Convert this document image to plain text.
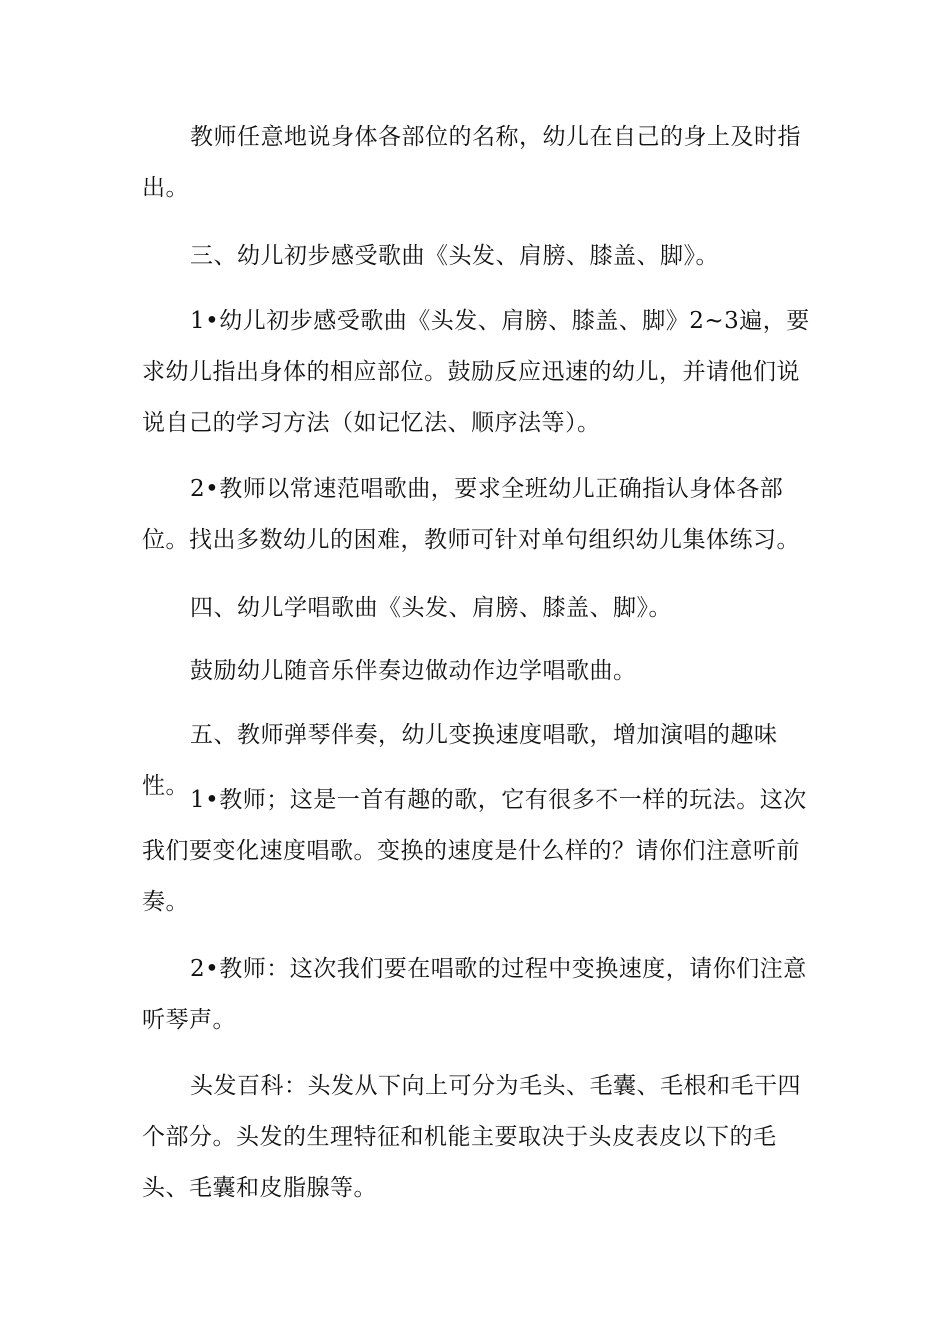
教师任意地说身体各部位的名称，幼儿在自己的身上及时指出。

三、幼儿初步感受歌曲《头发、肩膀、膝盖、脚》。

1•幼儿初步感受歌曲《头发、肩膀、膝盖、脚》2~3遍，要求幼儿指出身体的相应部位。鼓励反应迅速的幼儿，并请他们说说自己的学习方法（如记忆法、顺序法等）。

2•教师以常速范唱歌曲，要求全班幼儿正确指认身体各部位。找出多数幼儿的困难，教师可针对单句组织幼儿集体练习。

四、幼儿学唱歌曲《头发、肩膀、膝盖、脚》。

鼓励幼儿随音乐伴奏边做动作边学唱歌曲。

五、教师弹琴伴奏，幼儿变换速度唱歌，增加演唱的趣味性。

1•教师；这是一首有趣的歌，它有很多不一样的玩法。这次我们要变化速度唱歌。变换的速度是什么样的？请你们注意听前奏。

2•教师：这次我们要在唱歌的过程中变换速度，请你们注意听琴声。

头发百科：头发从下向上可分为毛头、毛囊、毛根和毛干四个部分。头发的生理特征和机能主要取决于头皮表皮以下的毛头、毛囊和皮脂腺等。
